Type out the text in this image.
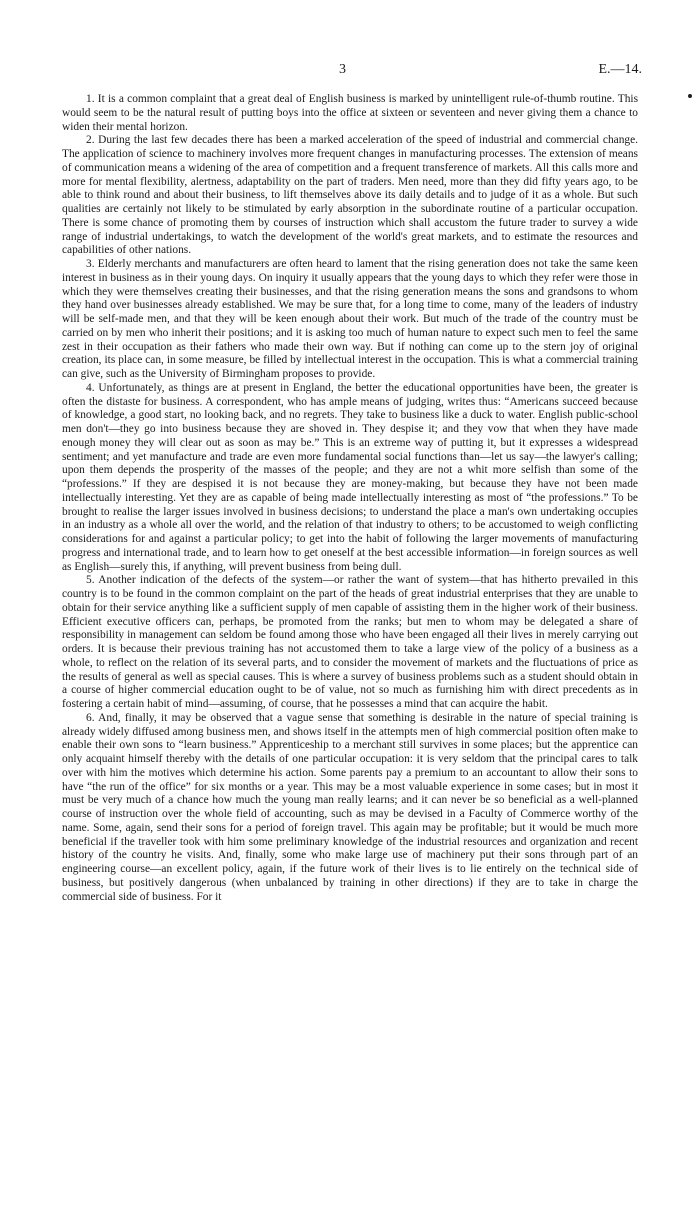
3	E.—14.

1. It is a common complaint that a great deal of English business is marked by unintelligent rule-of-thumb routine. This would seem to be the natural result of putting boys into the office at sixteen or seventeen and never giving them a chance to widen their mental horizon.

2. During the last few decades there has been a marked acceleration of the speed of industrial and commercial change. The application of science to machinery involves more frequent changes in manufacturing processes. The extension of means of communication means a widening of the area of competition and a frequent transference of markets. All this calls more and more for mental flexibility, alertness, adaptability on the part of traders. Men need, more than they did fifty years ago, to be able to think round and about their business, to lift themselves above its daily details and to judge of it as a whole. But such qualities are certainly not likely to be stimulated by early absorption in the subordinate routine of a particular occupation. There is some chance of promoting them by courses of instruction which shall accustom the future trader to survey a wide range of industrial undertakings, to watch the development of the world's great markets, and to estimate the resources and capabilities of other nations.

3. Elderly merchants and manufacturers are often heard to lament that the rising generation does not take the same keen interest in business as in their young days. On inquiry it usually appears that the young days to which they refer were those in which they were themselves creating their businesses, and that the rising generation means the sons and grandsons to whom they hand over businesses already established. We may be sure that, for a long time to come, many of the leaders of industry will be self-made men, and that they will be keen enough about their work. But much of the trade of the country must be carried on by men who inherit their positions; and it is asking too much of human nature to expect such men to feel the same zest in their occupation as their fathers who made their own way. But if nothing can come up to the stern joy of original creation, its place can, in some measure, be filled by intellectual interest in the occupation. This is what a commercial training can give, such as the University of Birmingham proposes to provide.

4. Unfortunately, as things are at present in England, the better the educational opportunities have been, the greater is often the distaste for business. A correspondent, who has ample means of judging, writes thus: “Americans succeed because of knowledge, a good start, no looking back, and no regrets. They take to business like a duck to water. English public-school men don't—they go into business because they are shoved in. They despise it; and they vow that when they have made enough money they will clear out as soon as may be.” This is an extreme way of putting it, but it expresses a widespread sentiment; and yet manufacture and trade are even more fundamental social functions than—let us say—the lawyer's calling; upon them depends the prosperity of the masses of the people; and they are not a whit more selfish than some of the “professions.” If they are despised it is not because they are money-making, but because they have not been made intellectually interesting. Yet they are as capable of being made intellectually interesting as most of “the professions.” To be brought to realise the larger issues involved in business decisions; to understand the place a man's own undertaking occupies in an industry as a whole all over the world, and the relation of that industry to others; to be accustomed to weigh conflicting considerations for and against a particular policy; to get into the habit of following the larger movements of manufacturing progress and international trade, and to learn how to get oneself at the best accessible information—in foreign sources as well as English—surely this, if anything, will prevent business from being dull.

5. Another indication of the defects of the system—or rather the want of system—that has hitherto prevailed in this country is to be found in the common complaint on the part of the heads of great industrial enterprises that they are unable to obtain for their service anything like a sufficient supply of men capable of assisting them in the higher work of their business. Efficient executive officers can, perhaps, be promoted from the ranks; but men to whom may be delegated a share of responsibility in management can seldom be found among those who have been engaged all their lives in merely carrying out orders. It is because their previous training has not accustomed them to take a large view of the policy of a business as a whole, to reflect on the relation of its several parts, and to consider the movement of markets and the fluctuations of price as the results of general as well as special causes. This is where a survey of business problems such as a student should obtain in a course of higher commercial education ought to be of value, not so much as furnishing him with direct precedents as in fostering a certain habit of mind—assuming, of course, that he possesses a mind that can acquire the habit.

6. And, finally, it may be observed that a vague sense that something is desirable in the nature of special training is already widely diffused among business men, and shows itself in the attempts men of high commercial position often make to enable their own sons to “learn business.” Apprenticeship to a merchant still survives in some places; but the apprentice can only acquaint himself thereby with the details of one particular occupation: it is very seldom that the principal cares to talk over with him the motives which determine his action. Some parents pay a premium to an accountant to allow their sons to have “the run of the office” for six months or a year. This may be a most valuable experience in some cases; but in most it must be very much of a chance how much the young man really learns; and it can never be so beneficial as a well-planned course of instruction over the whole field of accounting, such as may be devised in a Faculty of Commerce worthy of the name. Some, again, send their sons for a period of foreign travel. This again may be profitable; but it would be much more beneficial if the traveller took with him some preliminary knowledge of the industrial resources and organization and recent history of the country he visits. And, finally, some who make large use of machinery put their sons through part of an engineering course—an excellent policy, again, if the future work of their lives is to lie entirely on the technical side of business, but positively dangerous (when unbalanced by training in other directions) if they are to take in charge the commercial side of business. For it
